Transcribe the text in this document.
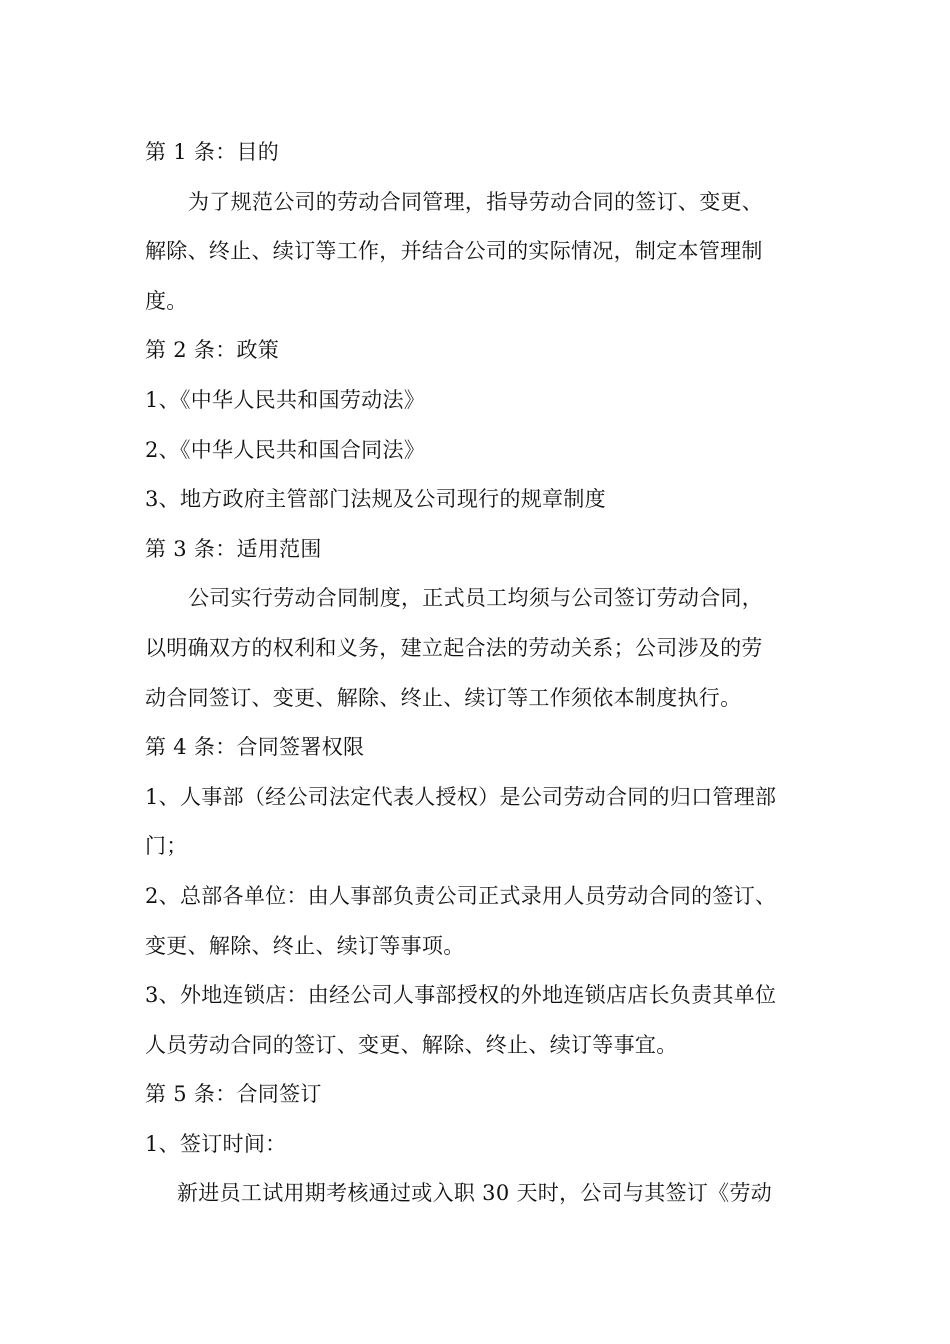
第 1 条：目的
为了规范公司的劳动合同管理，指导劳动合同的签订、变更、
解除、终止、续订等工作，并结合公司的实际情况，制定本管理制
度。
第 2 条：政策
1、《中华人民共和国劳动法》
2、《中华人民共和国合同法》
3、地方政府主管部门法规及公司现行的规章制度
第 3 条：适用范围
公司实行劳动合同制度，正式员工均须与公司签订劳动合同，
以明确双方的权利和义务，建立起合法的劳动关系；公司涉及的劳
动合同签订、变更、解除、终止、续订等工作须依本制度执行。
第 4 条：合同签署权限
1、人事部（经公司法定代表人授权）是公司劳动合同的归口管理部
门；
2、总部各单位：由人事部负责公司正式录用人员劳动合同的签订、
变更、解除、终止、续订等事项。
3、外地连锁店：由经公司人事部授权的外地连锁店店长负责其单位
人员劳动合同的签订、变更、解除、终止、续订等事宜。
第 5 条：合同签订
1、签订时间：
新进员工试用期考核通过或入职 30 天时，公司与其签订《劳动
